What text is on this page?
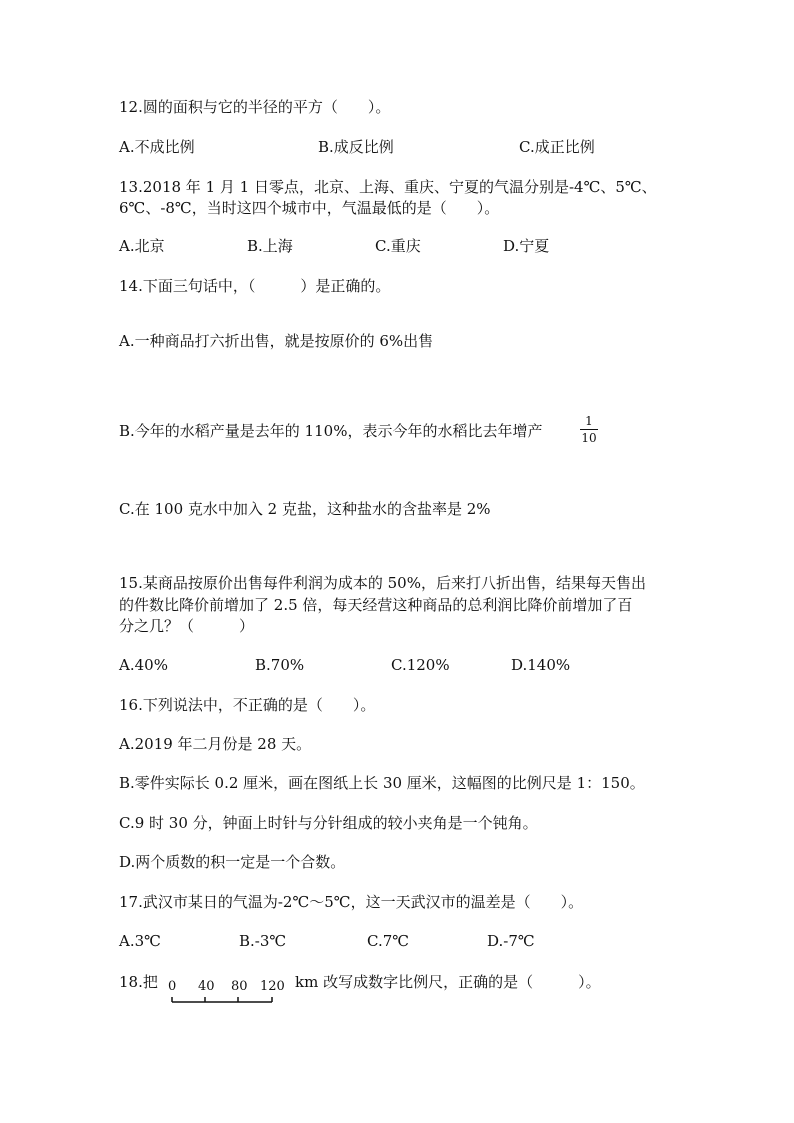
12.圆的面积与它的半径的平方（　　）。
A.不成比例	B.成反比例	C.成正比例
13.2018 年 1 月 1 日零点，北京、上海、重庆、宁夏的气温分别是-4℃、5℃、
6℃、-8℃，当时这四个城市中，气温最低的是（　　）。
A.北京	B.上海	C.重庆	D.宁夏
14.下面三句话中，（　　　）是正确的。
A.一种商品打六折出售，就是按原价的 6%出售
B.今年的水稻产量是去年的 110%，表示今年的水稻比去年增产
1
10
C.在 100 克水中加入 2 克盐，这种盐水的含盐率是 2%
15.某商品按原价出售每件利润为成本的 50%，后来打八折出售，结果每天售出
的件数比降价前增加了 2.5 倍，每天经营这种商品的总利润比降价前增加了百
分之几？（　　　）
A.40%	B.70%	C.120%	D.140%
16.下列说法中，不正确的是（　　）。
A.2019 年二月份是 28 天。
B.零件实际长 0.2 厘米，画在图纸上长 30 厘米，这幅图的比例尺是 1：150。
C.9 时 30 分，钟面上时针与分针组成的较小夹角是一个钝角。
D.两个质数的积一定是一个合数。
17.武汉市某日的气温为-2℃～5℃，这一天武汉市的温差是（　　）。
A.3℃	B.-3℃	C.7℃	D.-7℃
18.把 0 40 80 120 km 改写成数字比例尺，正确的是（　　　）。
